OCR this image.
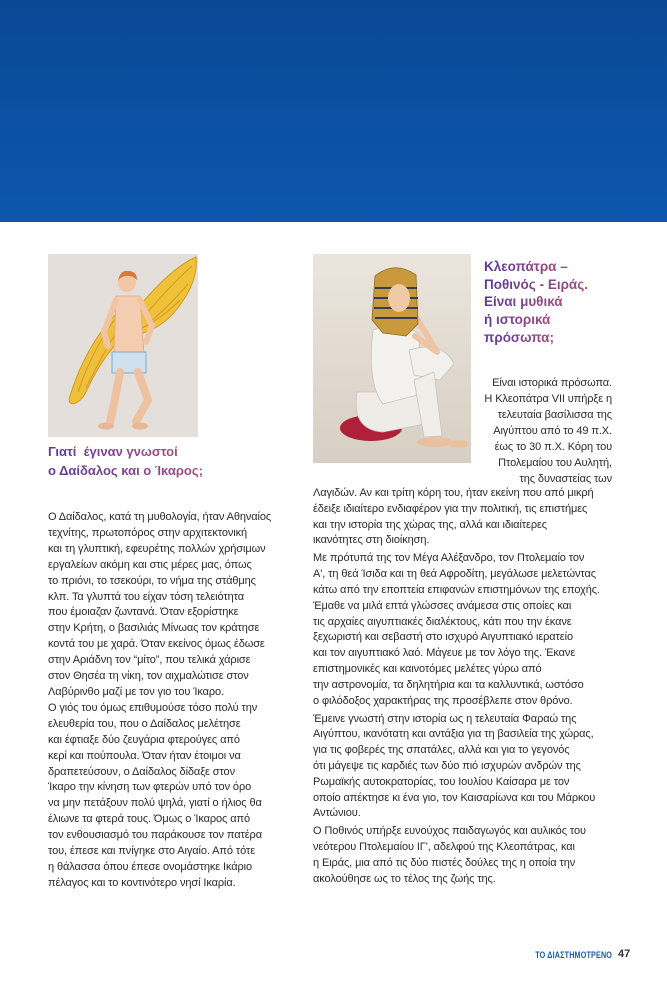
Γιατί  έγιναν γνωστοί
ο Δαίδαλος και ο Ίκαρος;
Ο Δαίδαλος, κατά τη μυθολογία, ήταν Αθηναίος
τεχνίτης, πρωτοπόρος στην αρχιτεκτονική
και τη γλυπτική, εφευρέτης πολλών χρήσιμων
εργαλείων ακόμη και στις μέρες μας, όπως
το πριόνι, το τσεκούρι, το νήμα της στάθμης
κλπ. Τα γλυπτά του είχαν τόση τελειότητα
που έμοιαζαν ζωντανά. Όταν εξορίστηκε
στην Κρήτη, ο βασιλιάς Μίνωας τον κράτησε
κοντά του με χαρά. Όταν εκείνος όμως έδωσε
στην Αριάδνη τον “μίτο”, που τελικά χάρισε
στον Θησέα τη νίκη, τον αιχμαλώτισε στον
Λαβύρινθο μαζί με τον γιο του Ίκαρο.
Ο γιός του όμως επιθυμούσε τόσο πολύ την
ελευθερία του, που ο Δαίδαλος μελέτησε
και έφτιαξε δύο ζευγάρια φτερούγες από
κερί και πούπουλα. Όταν ήταν έτοιμοι να
δραπετεύσουν, ο Δαίδαλος δίδαξε στον
Ίκαρο την κίνηση των φτερών υπό τον όρο
να μην πετάξουν πολύ ψηλά, γιατί ο ήλιος θα
έλιωνε τα φτερά τους. Όμως ο Ίκαρος από
τον ενθουσιασμό του παράκουσε τον πατέρα
του, έπεσε και πνίγηκε στο Αιγαίο. Από τότε
η θάλασσα όπου έπεσε ονομάστηκε Ικάριο
πέλαγος και το κοντινότερο νησί Ικαρία.
Κλεοπάτρα –
Ποθινός - Ειράς.
Είναι μυθικά
ή ιστορικά
πρόσωπα;
Είναι ιστορικά πρόσωπα.
Η Κλεοπάτρα VII υπήρξε η
τελευταία βασίλισσα της
Αιγύπτου από το 49 π.Χ.
έως το 30 π.Χ. Κόρη του
Πτολεμαίου του Αυλητή,
της δυναστείας των
Λαγιδών. Αν και τρίτη κόρη του, ήταν εκείνη που από μικρή
έδειξε ιδιαίτερο ενδιαφέρον για την πολιτική, τις επιστήμες
και την ιστορία της χώρας της, αλλά και ιδιαίτερες
ικανότητες στη διοίκηση.
Με πρότυπά της τον Μέγα Αλέξανδρο, τον Πτολεμαίο τον
Α', τη θεά Ίσιδα και τη θεά Αφροδίτη, μεγάλωσε μελετώντας
κάτω από την εποπτεία επιφανών επιστημόνων της εποχής.
Έμαθε να μιλά επτά γλώσσες ανάμεσα στις οποίες και
τις αρχαίες αιγυπτιακές διαλέκτους, κάτι που την έκανε
ξεχωριστή και σεβαστή στο ισχυρό Αιγυπτιακό ιερατείο
και τον αιγυπτιακό λαό. Μάγευε με τον λόγο της. Έκανε
επιστημονικές και καινοτόμες μελέτες γύρω από
την αστρονομία, τα δηλητήρια και τα καλλυντικά, ωστόσο
ο φιλόδοξος χαρακτήρας της προσέβλεπε στον θρόνο.
Έμεινε γνωστή στην ιστορία ως η τελευταία Φαραώ της
Αιγύπτου, ικανότατη και αντάξια για τη βασιλεία της χώρας,
για τις φοβερές της σπατάλες, αλλά και για το γεγονός
ότι μάγεψε τις καρδιές των δύο πιό ισχυρών ανδρών της
Ρωμαϊκής αυτοκρατορίας, του Ιουλίου Καίσαρα με τον
οποίο απέκτησε κι ένα γιο, τον Καισαρίωνα και του Μάρκου
Αντώνιου.
Ο Ποθινός υπήρξε ευνούχος παιδαγωγός και αυλικός του
νεότερου Πτολεμαίου ΙΓ', αδελφού της Κλεοπάτρας, και
η Ειράς, μια από τις δύο πιστές δούλες της η οποία την
ακολούθησε ως το τέλος της ζωής της.
ΤΟ ΔΙΑΣΤΗΜΟΤΡΕΝΟ 47
